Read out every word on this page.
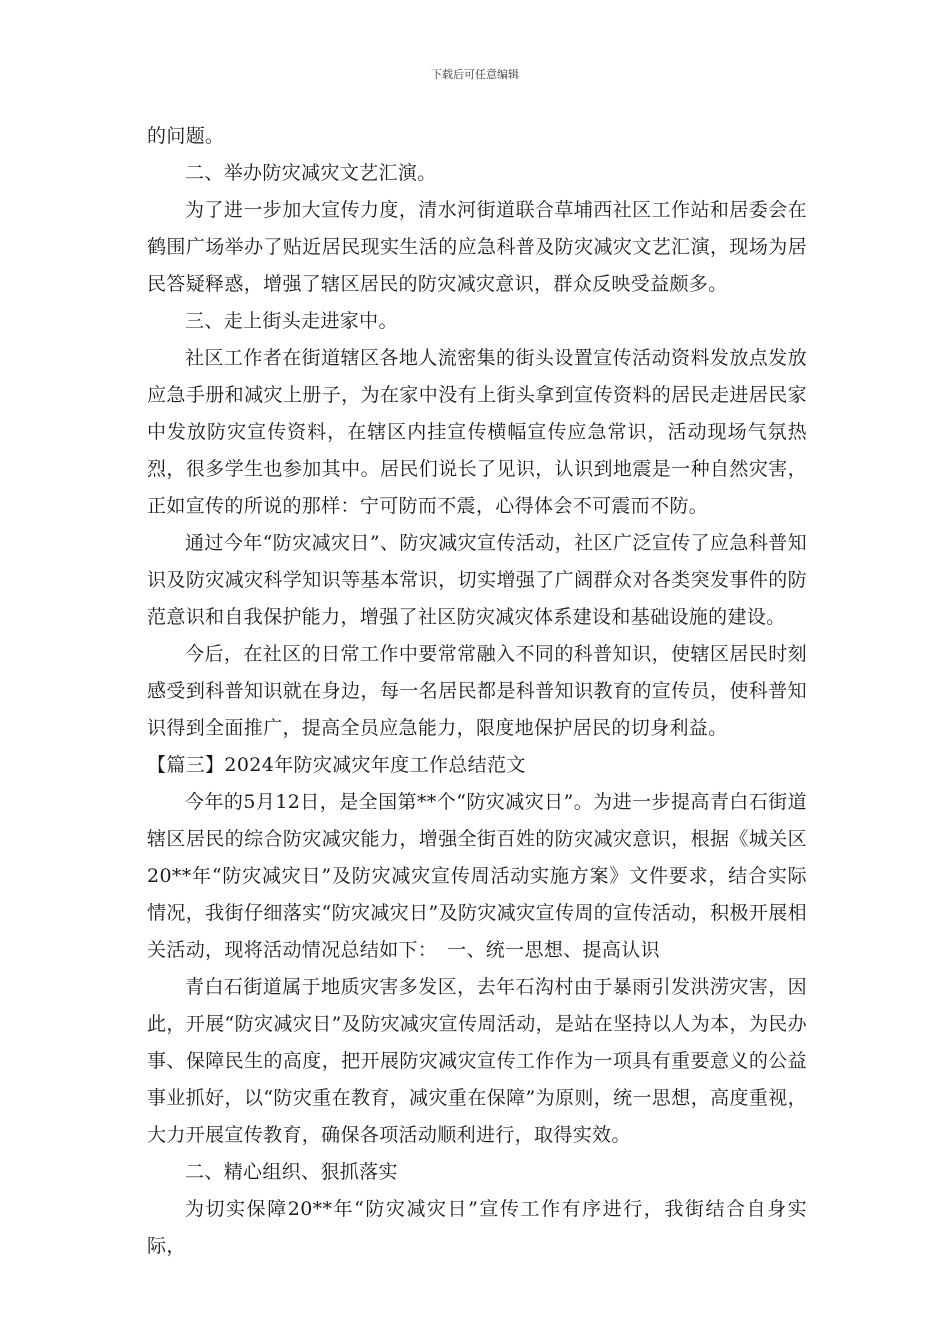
下载后可任意编辑

的问题。

二、举办防灾减灾文艺汇演。

为了进一步加大宣传力度，清水河街道联合草埔西社区工作站和居委会在鹤围广场举办了贴近居民现实生活的应急科普及防灾减灾文艺汇演，现场为居民答疑释惑，增强了辖区居民的防灾减灾意识，群众反映受益颇多。

三、走上街头走进家中。

社区工作者在街道辖区各地人流密集的街头设置宣传活动资料发放点发放应急手册和减灾上册子，为在家中没有上街头拿到宣传资料的居民走进居民家中发放防灾宣传资料，在辖区内挂宣传横幅宣传应急常识，活动现场气氛热烈，很多学生也参加其中。居民们说长了见识，认识到地震是一种自然灾害，正如宣传的所说的那样：宁可防而不震，心得体会不可震而不防。

通过今年“防灾减灾日”、防灾减灾宣传活动，社区广泛宣传了应急科普知识及防灾减灾科学知识等基本常识，切实增强了广阔群众对各类突发事件的防范意识和自我保护能力，增强了社区防灾减灾体系建设和基础设施的建设。

今后，在社区的日常工作中要常常融入不同的科普知识，使辖区居民时刻感受到科普知识就在身边，每一名居民都是科普知识教育的宣传员，使科普知识得到全面推广，提高全员应急能力，限度地保护居民的切身利益。

【篇三】2024年防灾减灾年度工作总结范文

今年的5月12日，是全国第**个“防灾减灾日”。为进一步提高青白石街道辖区居民的综合防灾减灾能力，增强全街百姓的防灾减灾意识，根据《城关区20**年“防灾减灾日”及防灾减灾宣传周活动实施方案》文件要求，结合实际情况，我街仔细落实“防灾减灾日”及防灾减灾宣传周的宣传活动，积极开展相关活动，现将活动情况总结如下：　一、统一思想、提高认识

青白石街道属于地质灾害多发区，去年石沟村由于暴雨引发洪涝灾害，因此，开展“防灾减灾日”及防灾减灾宣传周活动，是站在坚持以人为本，为民办事、保障民生的高度，把开展防灾减灾宣传工作作为一项具有重要意义的公益事业抓好，以“防灾重在教育，减灾重在保障”为原则，统一思想，高度重视，大力开展宣传教育，确保各项活动顺利进行，取得实效。

二、精心组织、狠抓落实

为切实保障20**年“防灾减灾日”宣传工作有序进行，我街结合自身实际，
